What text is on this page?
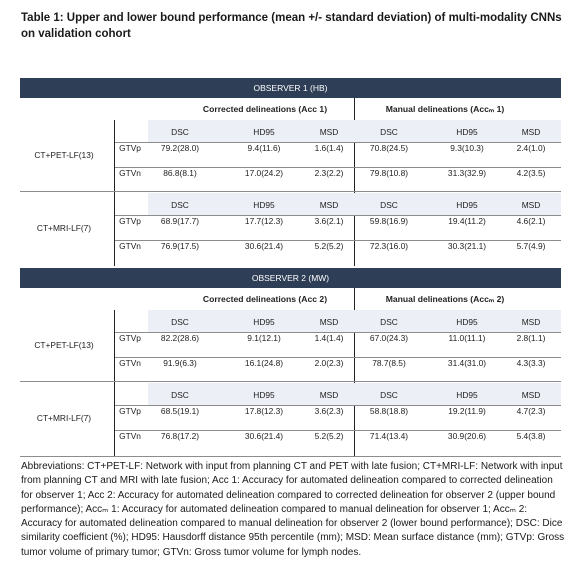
Table 1: Upper and lower bound performance (mean +/- standard deviation) of multi-modality CNNs on validation cohort
OBSERVER 1 (HB)
Corrected delineations (Acc 1)	Manual delineations (Accₘ 1)
DSC	HD95	MSD	DSC	HD95	MSD
CT+PET-LF(13)
GTVp 79.2(28.0)	9.4(11.6)	1.6(1.4)	70.8(24.5)	9.3(10.3)	2.4(1.0)
GTVn	86.8(8.1)	17.0(24.2)	2.3(2.2)	79.8(10.8)	31.3(32.9)	4.2(3.5)
DSC	HD95	MSD	DSC	HD95	MSD
CT+MRI-LF(7)
GTVp 68.9(17.7)	17.7(12.3)	3.6(2.1)	59.8(16.9)	19.4(11.2)	4.6(2.1)
GTVn 76.9(17.5)	30.6(21.4)	5.2(5.2)	72.3(16.0)	30.3(21.1)	5.7(4.9)
OBSERVER 2 (MW)
Corrected delineations (Acc 2)	Manual delineations (Accₘ 2)
DSC	HD95	MSD	DSC	HD95	MSD
CT+PET-LF(13)
GTVp 82.2(28.6)	9.1(12.1)	1.4(1.4)	67.0(24.3)	11.0(11.1)	2.8(1.1)
GTVn	91.9(6.3)	16.1(24.8)	2.0(2.3)	78.7(8.5)	31.4(31.0)	4.3(3.3)
DSC	HD95	MSD	DSC	HD95	MSD
CT+MRI-LF(7)
GTVp 68.5(19.1)	17.8(12.3)	3.6(2.3)	58.8(18.8)	19.2(11.9)	4.7(2.3)
GTVn 76.8(17.2)	30.6(21.4)	5.2(5.2)	71.4(13.4)	30.9(20.6)	5.4(3.8)

Abbreviations: CT+PET-LF: Network with input from planning CT and PET with late fusion; CT+MRI-LF: Network with input from planning CT and MRI with late fusion; Acc 1: Accuracy for automated delineation compared to corrected delineation for observer 1; Acc 2: Accuracy for automated delineation compared to corrected delineation for observer 2 (upper bound performance); Accₘ 1: Accuracy for automated delineation compared to manual delineation for observer 1; Accₘ 2: Accuracy for automated delineation compared to manual delineation for observer 2 (lower bound performance); DSC: Dice similarity coefficient (%); HD95: Hausdorff distance 95th percentile (mm); MSD: Mean surface distance (mm); GTVp: Gross tumor volume of primary tumor; GTVn: Gross tumor volume for lymph nodes.
